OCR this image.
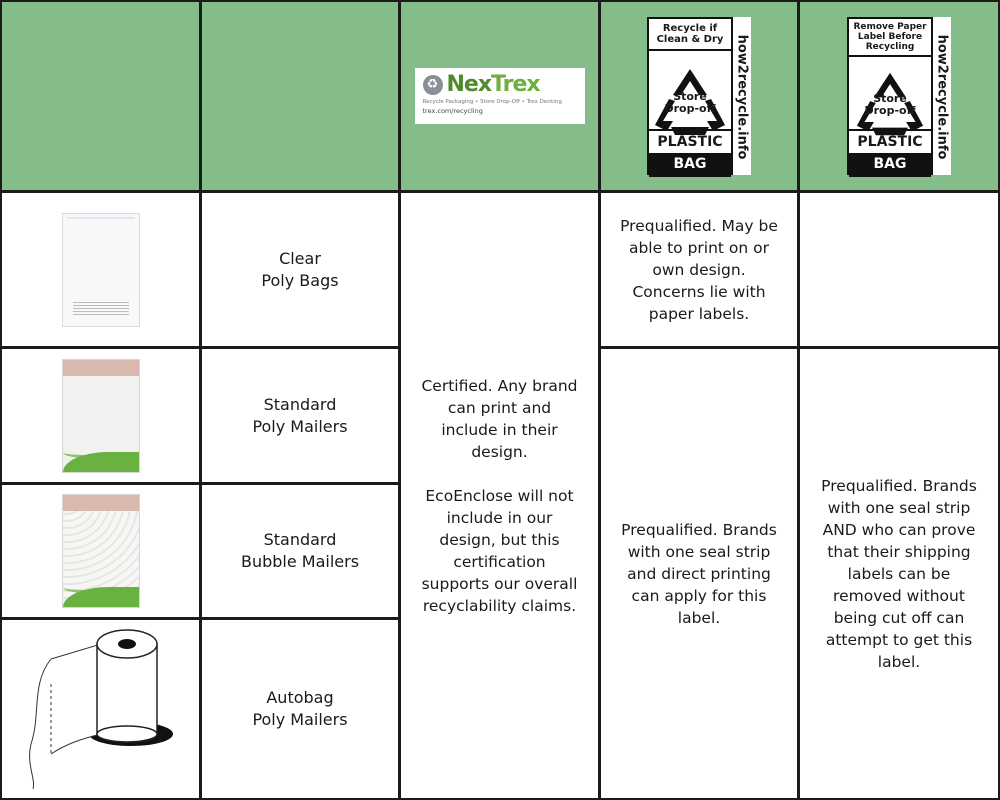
♻ NexTrex
Recycle Packaging • Store Drop-Off • Trex Decking
trex.com/recycling
Recycle if
Clean & Dry
Store
Drop-off
PLASTIC
BAG
how2recycle.info
Remove Paper
Label Before
Recycling
Store
Drop-off
PLASTIC
BAG
how2recycle.info
Clear
Poly Bags
Standard
Poly Mailers
Standard
Bubble Mailers
Autobag
Poly Mailers
Certified. Any brand
can print and
include in their
design.

EcoEnclose will not
include in our
design, but this
certification
supports our overall
recyclability claims.
Prequalified. May be
able to print on or
own design.
Concerns lie with
paper labels.
Prequalified. Brands
with one seal strip
and direct printing
can apply for this
label.
Prequalified. Brands
with one seal strip
AND who can prove
that their shipping
labels can be
removed without
being cut off can
attempt to get this
label.
